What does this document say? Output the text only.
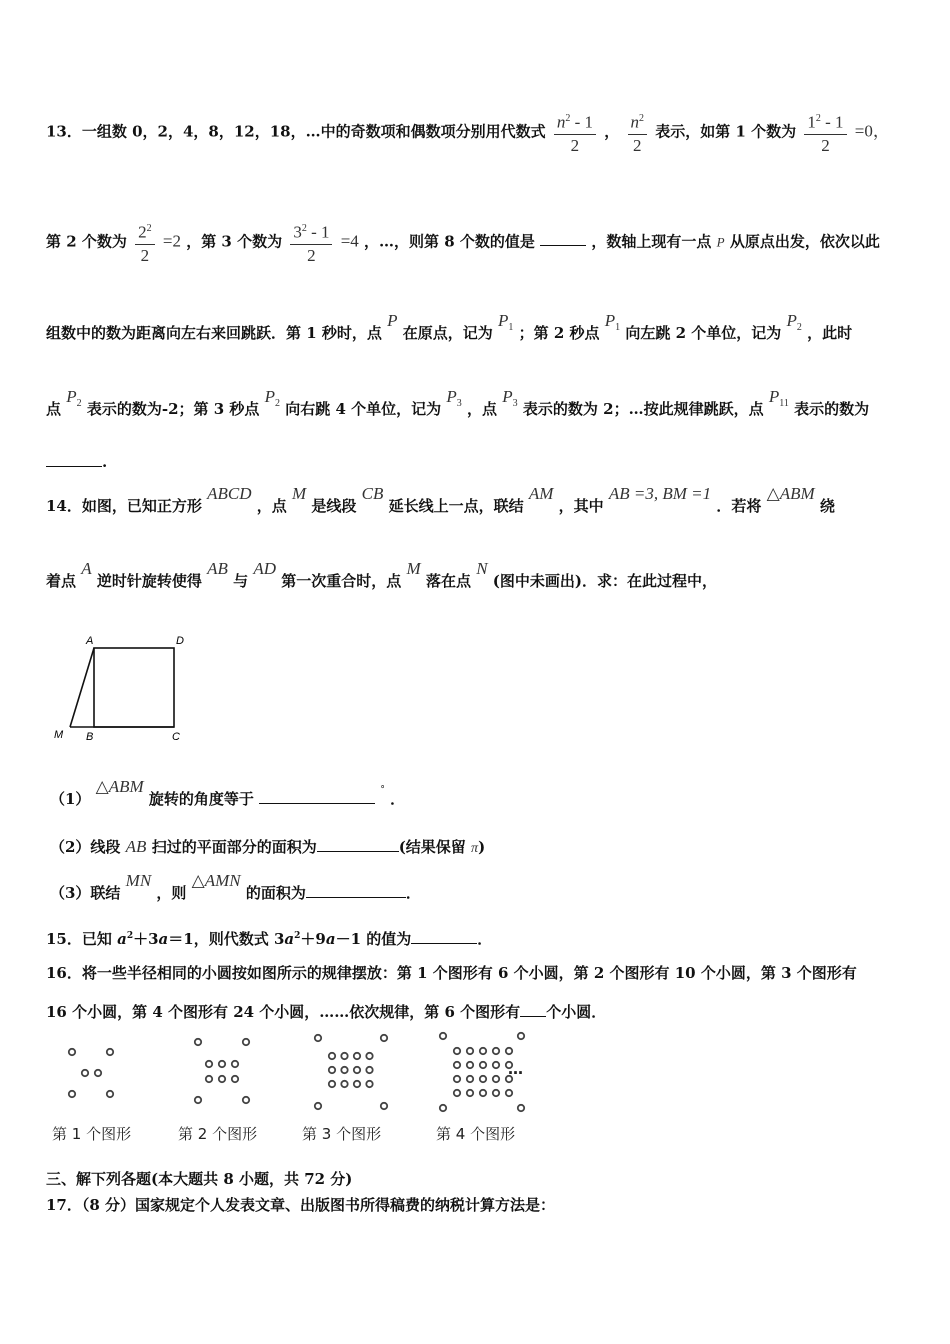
13．一组数 0，2，4，8，12，18，…中的奇数项和偶数项分别用代数式 $\frac{n^2 - 1}{2}$ ， $\frac{n^2}{2}$ 表示，如第 1 个数为 $\frac{1^2 - 1}{2} =0$，
第 2 个数为 $\frac{2^2}{2} =2$ ，第 3 个数为 $\frac{3^2 - 1}{2} =4$ ，…，则第 8 个数的值是	，数轴上现有一点 P 从原点出发，依次以此
组数中的数为距离向左右来回跳跃．第 1 秒时，点 P 在原点，记为 $P_1$ ；第 2 秒点 $P_1$ 向左跳 2 个单位，记为 $P_2$ ，此时
点 $P_2$ 表示的数为-2；第 3 秒点 $P_2$ 向右跳 4 个单位，记为 $P_3$ ，点 $P_3$ 表示的数为 2；…按此规律跳跃，点 $P_{11}$ 表示的数为
.
14．如图，已知正方形 ABCD ，点 M 是线段 CB 延长线上一点，联结 AM ，其中 AB =3, BM =1 ．若将 △ABM 绕
着点 A 逆时针旋转使得 AB 与 AD 第一次重合时，点 M 落在点 N (图中未画出)．求：在此过程中，
A	D
M B	C
（1） △ABM 旋转的角度等于	° ．
（2）线段 AB 扫过的平面部分的面积为	(结果保留 π)
（3）联结 MN ，则 △AMN 的面积为	．
15．已知 $a^2+3a=1$，则代数式 $3a^2+9a-1$ 的值为	．
16．将一些半径相同的小圆按如图所示的规律摆放：第 1 个图形有 6 个小圆，第 2 个图形有 10 个小圆，第 3 个图形有
16 个小圆，第 4 个图形有 24 个小圆，……依次规律，第 6 个图形有 个小圆．
…
第 1 个图形	第 2 个图形	第 3 个图形	第 4 个图形
三、解下列各题(本大题共 8 小题，共 72 分)
17．（8 分）国家规定个人发表文章、出版图书所得稿费的纳税计算方法是：
